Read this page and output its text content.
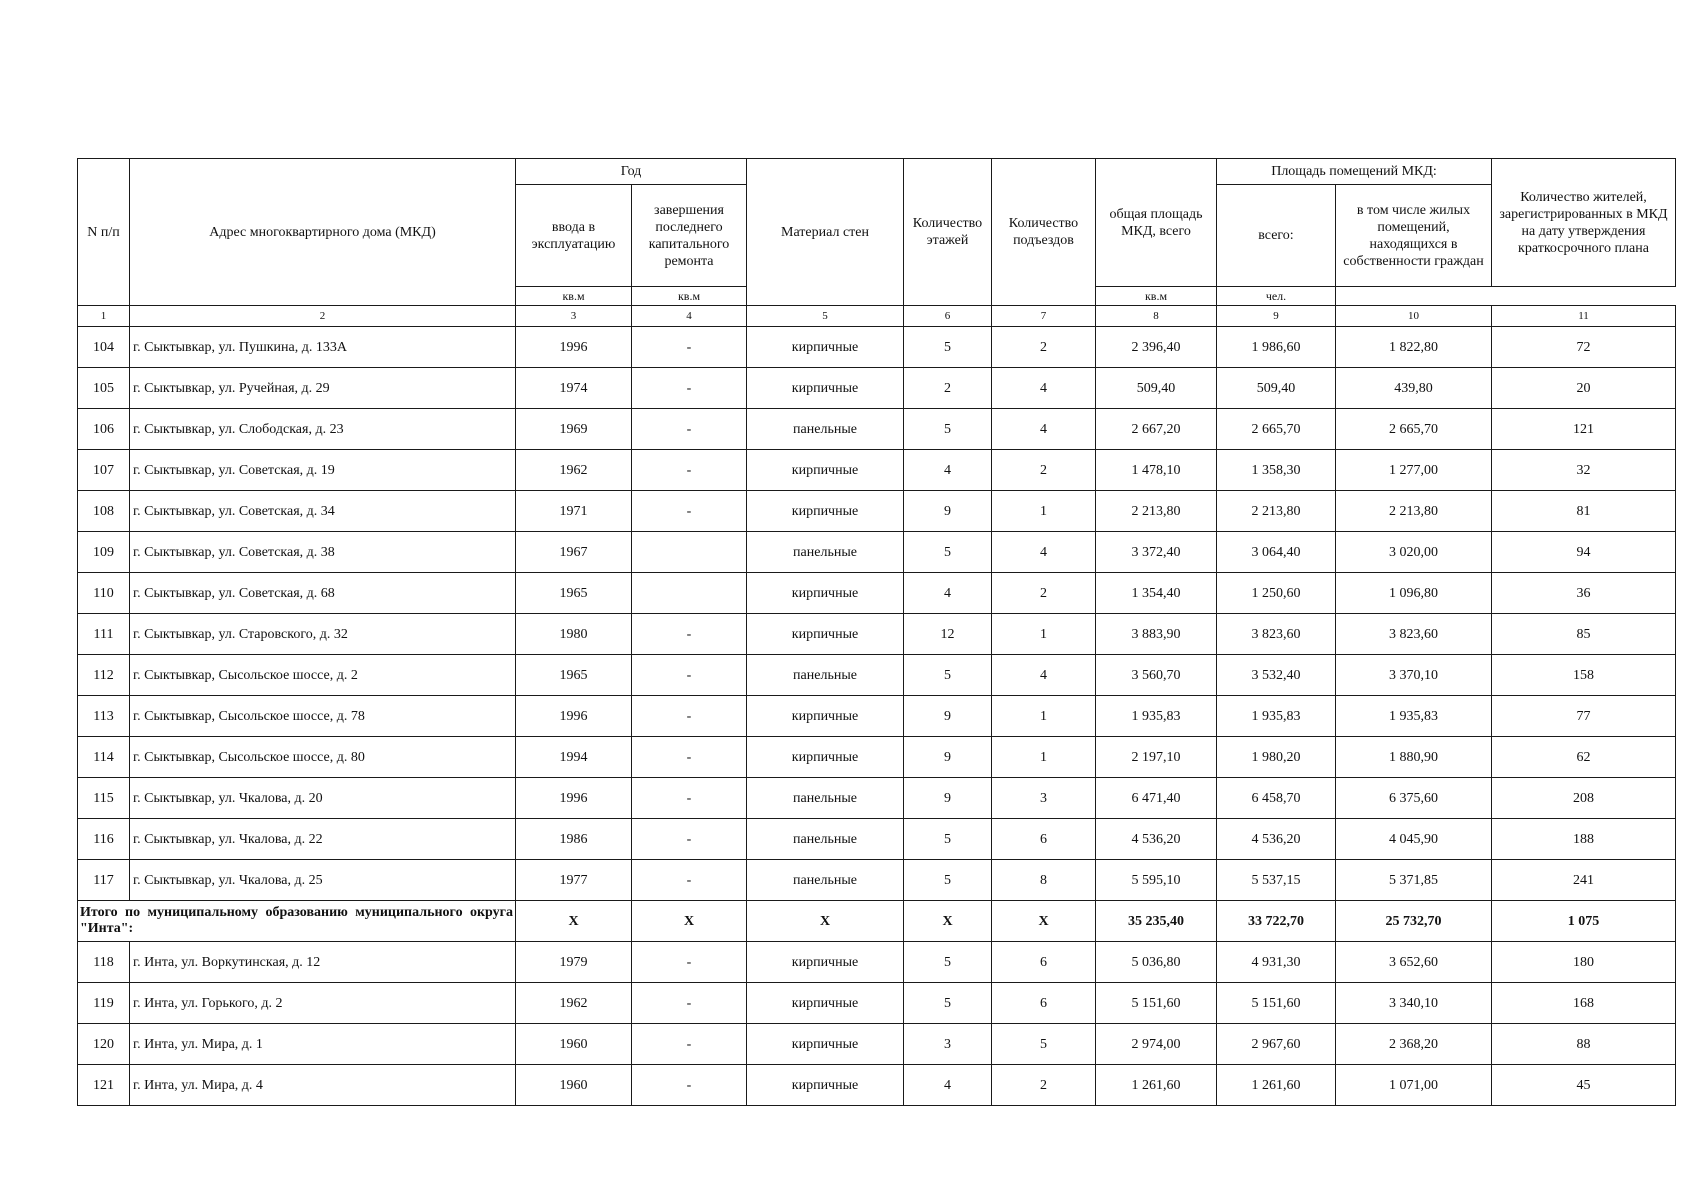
N п/п	Адрес многоквартирного дома (МКД)	Год		Материал стен	Количество этажей	Количество подъездов	общая площадь МКД, всего	Площадь помещений МКД:		Количество жителей, зарегистрированных в МКД на дату утверждения краткосрочного плана
		ввода в эксплуатацию	завершения последнего капитального ремонта					всего:	в том числе жилых помещений, находящихся в собственности граждан	
		кв.м	кв.м				кв.м	чел.		
1	2	3	4	5	6	7	8	9	10	11
104	г. Сыктывкар, ул. Пушкина, д. 133А	1996	-	кирпичные	5	2	2 396,40	1 986,60	1 822,80	72
105	г. Сыктывкар, ул. Ручейная, д. 29	1974	-	кирпичные	2	4	509,40	509,40	439,80	20
106	г. Сыктывкар, ул. Слободская, д. 23	1969	-	панельные	5	4	2 667,20	2 665,70	2 665,70	121
107	г. Сыктывкар, ул. Советская, д. 19	1962	-	кирпичные	4	2	1 478,10	1 358,30	1 277,00	32
108	г. Сыктывкар, ул. Советская, д. 34	1971	-	кирпичные	9	1	2 213,80	2 213,80	2 213,80	81
109	г. Сыктывкар, ул. Советская, д. 38	1967		панельные	5	4	3 372,40	3 064,40	3 020,00	94
110	г. Сыктывкар, ул. Советская, д. 68	1965		кирпичные	4	2	1 354,40	1 250,60	1 096,80	36
111	г. Сыктывкар, ул. Старовского, д. 32	1980	-	кирпичные	12	1	3 883,90	3 823,60	3 823,60	85
112	г. Сыктывкар, Сысольское шоссе, д. 2	1965	-	панельные	5	4	3 560,70	3 532,40	3 370,10	158
113	г. Сыктывкар, Сысольское шоссе, д. 78	1996	-	кирпичные	9	1	1 935,83	1 935,83	1 935,83	77
114	г. Сыктывкар, Сысольское шоссе, д. 80	1994	-	кирпичные	9	1	2 197,10	1 980,20	1 880,90	62
115	г. Сыктывкар, ул. Чкалова, д. 20	1996	-	панельные	9	3	6 471,40	6 458,70	6 375,60	208
116	г. Сыктывкар, ул. Чкалова, д. 22	1986	-	панельные	5	6	4 536,20	4 536,20	4 045,90	188
117	г. Сыктывкар, ул. Чкалова, д. 25	1977	-	панельные	5	8	5 595,10	5 537,15	5 371,85	241
Итого по муниципальному образованию муниципального округа "Инта":		X	X	X	X	X	35 235,40	33 722,70	25 732,70	1 075
118	г. Инта, ул. Воркутинская, д. 12	1979	-	кирпичные	5	6	5 036,80	4 931,30	3 652,60	180
119	г. Инта, ул. Горького, д. 2	1962	-	кирпичные	5	6	5 151,60	5 151,60	3 340,10	168
120	г. Инта, ул. Мира, д. 1	1960	-	кирпичные	3	5	2 974,00	2 967,60	2 368,20	88
121	г. Инта, ул. Мира, д. 4	1960	-	кирпичные	4	2	1 261,60	1 261,60	1 071,00	45
